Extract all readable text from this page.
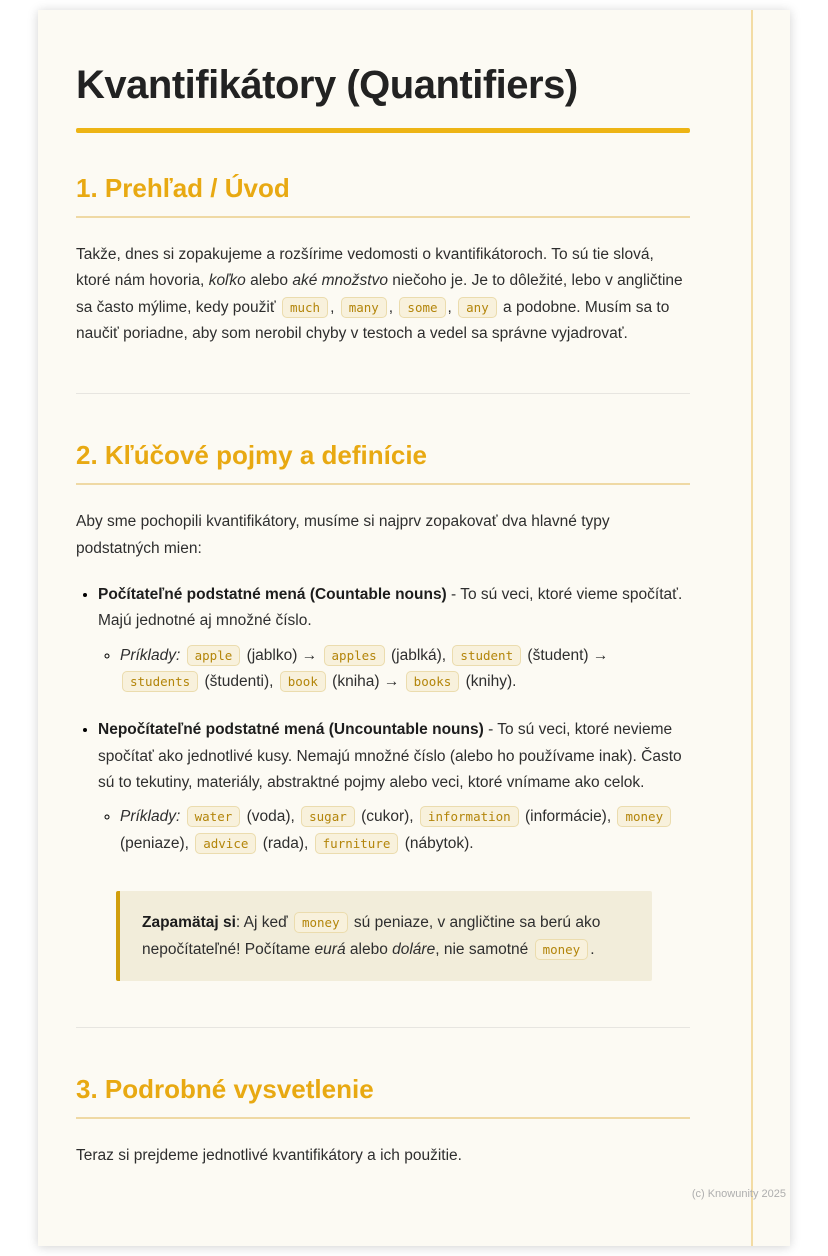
Kvantifikátory (Quantifiers)
1. Prehľad / Úvod

Takže, dnes si zopakujeme a rozšírime vedomosti o kvantifikátoroch. To sú tie slová, ktoré nám hovoria, koľko alebo aké množstvo niečoho je. Je to dôležité, lebo v angličtine sa často mýlime, kedy použiť much , many , some , any a podobne. Musím sa to naučiť poriadne, aby som nerobil chyby v testoch a vedel sa správne vyjadrovať.

2. Kľúčové pojmy a definície

Aby sme pochopili kvantifikátory, musíme si najprv zopakovať dva hlavné typy podstatných mien:

• Počítateľné podstatné mená (Countable nouns) - To sú veci, ktoré vieme spočítať. Majú jednotné aj množné číslo.

◦ Príklady: apple (jablko) → apples (jablká), student (študent) → students (študenti), book (kniha) → books (knihy).

• Nepočítateľné podstatné mená (Uncountable nouns) - To sú veci, ktoré nevieme spočítať ako jednotlivé kusy. Nemajú množné číslo (alebo ho používame inak). Často sú to tekutiny, materiály, abstraktné pojmy alebo veci, ktoré vnímame ako celok.

◦ Príklady: water (voda), sugar (cukor), information (informácie), money (peniaze), advice (rada), furniture (nábytok).

Zapamätaj si: Aj keď money sú peniaze, v angličtine sa berú ako nepočítateľné! Počítame eurá alebo doláre, nie samotné money .

3. Podrobné vysvetlenie

Teraz si prejdeme jednotlivé kvantifikátory a ich použitie.

(c) Knowunity 2025
